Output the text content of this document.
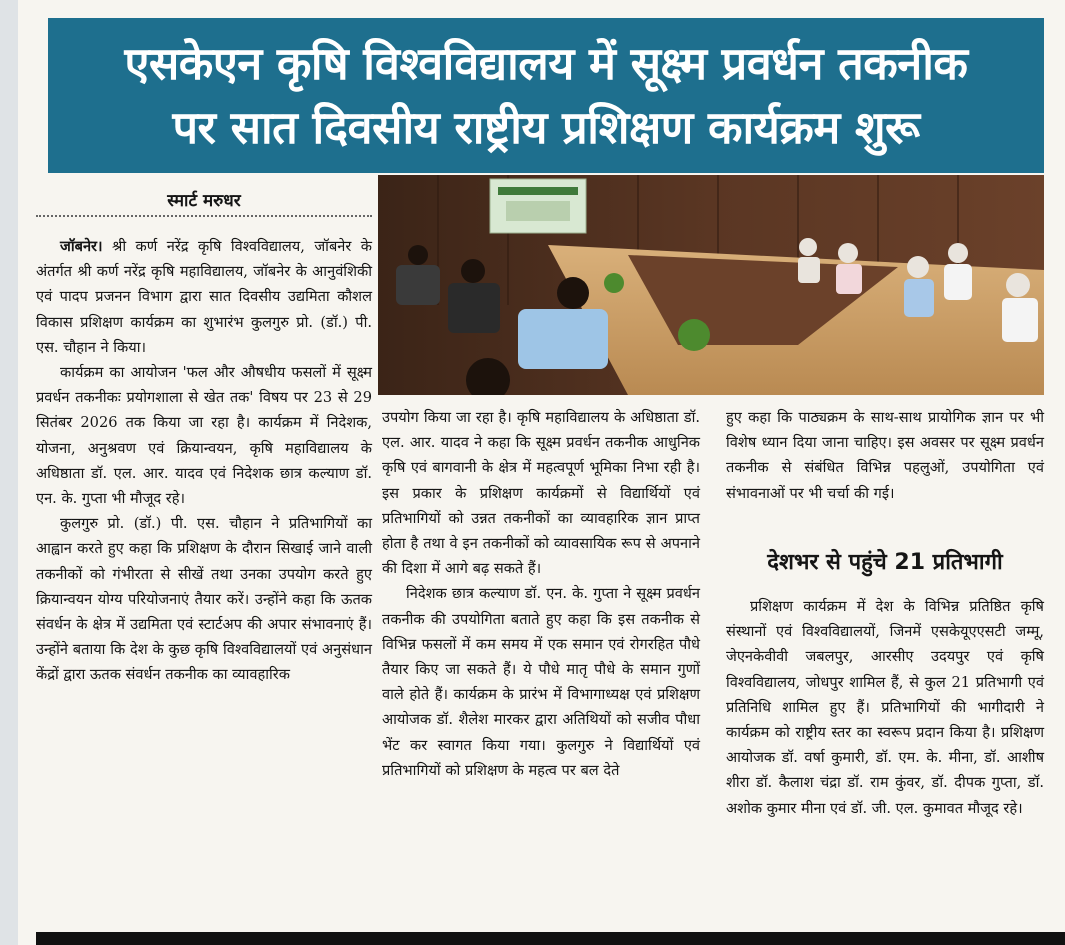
एसकेएन कृषि विश्वविद्यालय में सूक्ष्म प्रवर्धन तकनीक
पर सात दिवसीय राष्ट्रीय प्रशिक्षण कार्यक्रम शुरू
स्मार्ट मरुधर

जॉबनेर। श्री कर्ण नरेंद्र कृषि विश्वविद्यालय, जॉबनेर के अंतर्गत श्री कर्ण नरेंद्र कृषि महाविद्यालय, जॉबनेर के आनुवंशिकी एवं पादप प्रजनन विभाग द्वारा सात दिवसीय उद्यमिता कौशल विकास प्रशिक्षण कार्यक्रम का शुभारंभ कुलगुरु प्रो. (डॉ.) पी. एस. चौहान ने किया।

कार्यक्रम का आयोजन 'फल और औषधीय फसलों में सूक्ष्म प्रवर्धन तकनीकः प्रयोगशाला से खेत तक' विषय पर 23 से 29 सितंबर 2026 तक किया जा रहा है। कार्यक्रम में निदेशक, योजना, अनुश्रवण एवं क्रियान्वयन, कृषि महाविद्यालय के अधिष्ठाता डॉ. एल. आर. यादव एवं निदेशक छात्र कल्याण डॉ. एन. के. गुप्ता भी मौजूद रहे।

कुलगुरु प्रो. (डॉ.) पी. एस. चौहान ने प्रतिभागियों का आह्वान करते हुए कहा कि प्रशिक्षण के दौरान सिखाई जाने वाली तकनीकों को गंभीरता से सीखें तथा उनका उपयोग करते हुए क्रियान्वयन योग्य परियोजनाएं तैयार करें। उन्होंने कहा कि ऊतक संवर्धन के क्षेत्र में उद्यमिता एवं स्टार्टअप की अपार संभावनाएं हैं। उन्होंने बताया कि देश के कुछ कृषि विश्वविद्यालयों एवं अनुसंधान केंद्रों द्वारा ऊतक संवर्धन तकनीक का व्यावहारिक

उपयोग किया जा रहा है। कृषि महाविद्यालय के अधिष्ठाता डॉ. एल. आर. यादव ने कहा कि सूक्ष्म प्रवर्धन तकनीक आधुनिक कृषि एवं बागवानी के क्षेत्र में महत्वपूर्ण भूमिका निभा रही है। इस प्रकार के प्रशिक्षण कार्यक्रमों से विद्यार्थियों एवं प्रतिभागियों को उन्नत तकनीकों का व्यावहारिक ज्ञान प्राप्त होता है तथा वे इन तकनीकों को व्यावसायिक रूप से अपनाने की दिशा में आगे बढ़ सकते हैं।

निदेशक छात्र कल्याण डॉ. एन. के. गुप्ता ने सूक्ष्म प्रवर्धन तकनीक की उपयोगिता बताते हुए कहा कि इस तकनीक से विभिन्न फसलों में कम समय में एक समान एवं रोगरहित पौधे तैयार किए जा सकते हैं। ये पौधे मातृ पौधे के समान गुणों वाले होते हैं। कार्यक्रम के प्रारंभ में विभागाध्यक्ष एवं प्रशिक्षण आयोजक डॉ. शैलेश मारकर द्वारा अतिथियों को सजीव पौधा भेंट कर स्वागत किया गया। कुलगुरु ने विद्यार्थियों एवं प्रतिभागियों को प्रशिक्षण के महत्व पर बल देते

हुए कहा कि पाठ्यक्रम के साथ-साथ प्रायोगिक ज्ञान पर भी विशेष ध्यान दिया जाना चाहिए। इस अवसर पर सूक्ष्म प्रवर्धन तकनीक से संबंधित विभिन्न पहलुओं, उपयोगिता एवं संभावनाओं पर भी चर्चा की गई।

देशभर से पहुंचे 21 प्रतिभागी

प्रशिक्षण कार्यक्रम में देश के विभिन्न प्रतिष्ठित कृषि संस्थानों एवं विश्वविद्यालयों, जिनमें एसकेयूएएसटी जम्मू, जेएनकेवीवी जबलपुर, आरसीए उदयपुर एवं कृषि विश्वविद्यालय, जोधपुर शामिल हैं, से कुल 21 प्रतिभागी एवं प्रतिनिधि शामिल हुए हैं। प्रतिभागियों की भागीदारी ने कार्यक्रम को राष्ट्रीय स्तर का स्वरूप प्रदान किया है। प्रशिक्षण आयोजक डॉ. वर्षा कुमारी, डॉ. एम. के. मीना, डॉ. आशीष शीरा डॉ. कैलाश चंद्रा डॉ. राम कुंवर, डॉ. दीपक गुप्ता, डॉ. अशोक कुमार मीना एवं डॉ. जी. एल. कुमावत मौजूद रहे।
